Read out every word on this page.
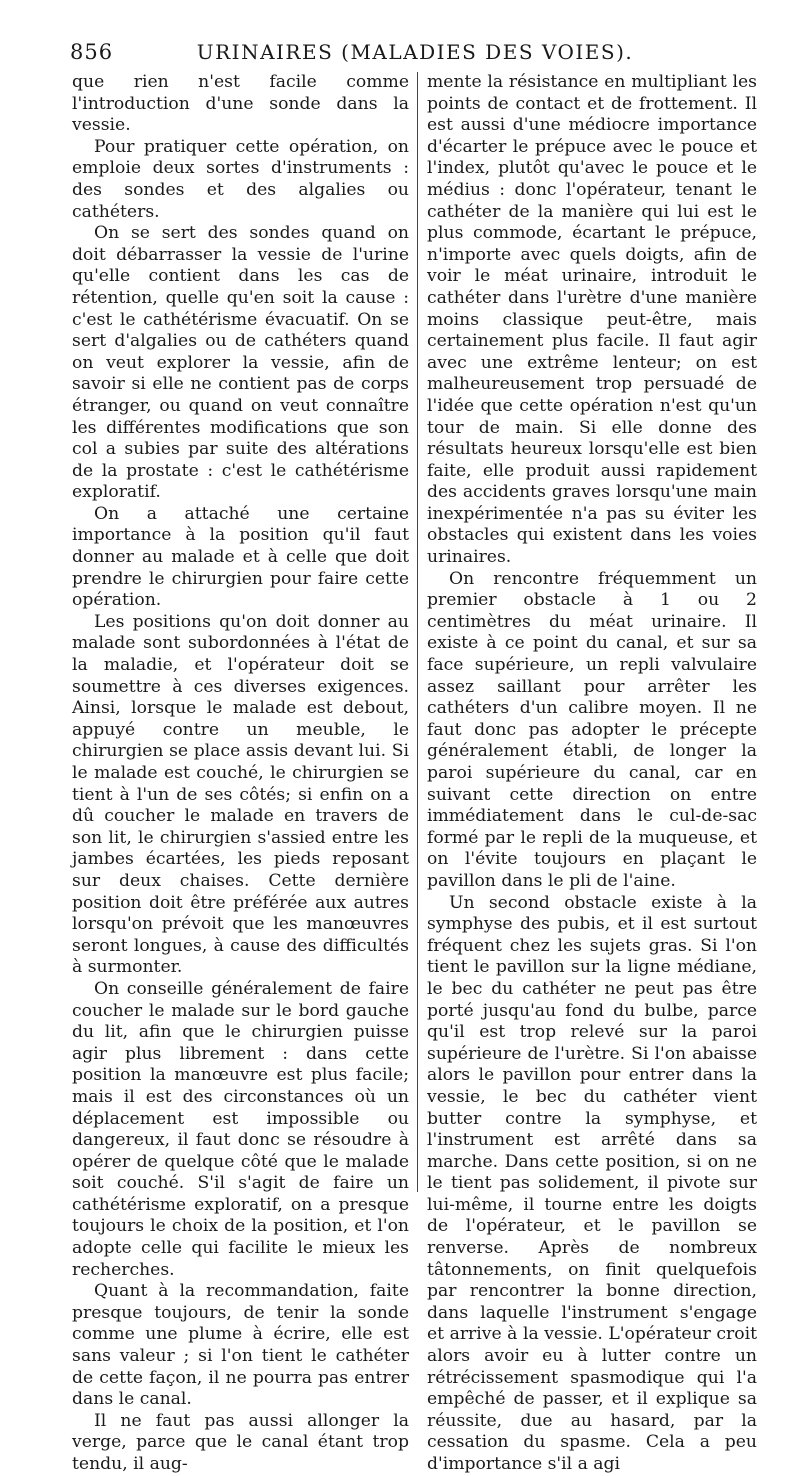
856	URINAIRES (MALADIES DES VOIES).

que rien n'est facile comme l'introduction d'une sonde dans la vessie.

Pour pratiquer cette opération, on emploie deux sortes d'instruments : des sondes et des algalies ou cathéters.

On se sert des sondes quand on doit débarrasser la vessie de l'urine qu'elle contient dans les cas de rétention, quelle qu'en soit la cause : c'est le cathétérisme évacuatif. On se sert d'algalies ou de cathéters quand on veut explorer la vessie, afin de savoir si elle ne contient pas de corps étranger, ou quand on veut connaître les différentes modifications que son col a subies par suite des altérations de la prostate : c'est le cathétérisme exploratif.

On a attaché une certaine importance à la position qu'il faut donner au malade et à celle que doit prendre le chirurgien pour faire cette opération.

Les positions qu'on doit donner au malade sont subordonnées à l'état de la maladie, et l'opérateur doit se soumettre à ces diverses exigences. Ainsi, lorsque le malade est debout, appuyé contre un meuble, le chirurgien se place assis devant lui. Si le malade est couché, le chirurgien se tient à l'un de ses côtés; si enfin on a dû coucher le malade en travers de son lit, le chirurgien s'assied entre les jambes écartées, les pieds reposant sur deux chaises. Cette dernière position doit être préférée aux autres lorsqu'on prévoit que les manœuvres seront longues, à cause des difficultés à surmonter.

On conseille généralement de faire coucher le malade sur le bord gauche du lit, afin que le chirurgien puisse agir plus librement : dans cette position la manœuvre est plus facile; mais il est des circonstances où un déplacement est impossible ou dangereux, il faut donc se résoudre à opérer de quelque côté que le malade soit couché. S'il s'agit de faire un cathétérisme exploratif, on a presque toujours le choix de la position, et l'on adopte celle qui facilite le mieux les recherches.

Quant à la recommandation, faite presque toujours, de tenir la sonde comme une plume à écrire, elle est sans valeur ; si l'on tient le cathéter de cette façon, il ne pourra pas entrer dans le canal.

Il ne faut pas aussi allonger la verge, parce que le canal étant trop tendu, il aug-

mente la résistance en multipliant les points de contact et de frottement. Il est aussi d'une médiocre importance d'écarter le prépuce avec le pouce et l'index, plutôt qu'avec le pouce et le médius : donc l'opérateur, tenant le cathéter de la manière qui lui est le plus commode, écartant le prépuce, n'importe avec quels doigts, afin de voir le méat urinaire, introduit le cathéter dans l'urètre d'une manière moins classique peut-être, mais certainement plus facile. Il faut agir avec une extrême lenteur; on est malheureusement trop persuadé de l'idée que cette opération n'est qu'un tour de main. Si elle donne des résultats heureux lorsqu'elle est bien faite, elle produit aussi rapidement des accidents graves lorsqu'une main inexpérimentée n'a pas su éviter les obstacles qui existent dans les voies urinaires.

On rencontre fréquemment un premier obstacle à 1 ou 2 centimètres du méat urinaire. Il existe à ce point du canal, et sur sa face supérieure, un repli valvulaire assez saillant pour arrêter les cathéters d'un calibre moyen. Il ne faut donc pas adopter le précepte généralement établi, de longer la paroi supérieure du canal, car en suivant cette direction on entre immédiatement dans le cul-de-sac formé par le repli de la muqueuse, et on l'évite toujours en plaçant le pavillon dans le pli de l'aine.

Un second obstacle existe à la symphyse des pubis, et il est surtout fréquent chez les sujets gras. Si l'on tient le pavillon sur la ligne médiane, le bec du cathéter ne peut pas être porté jusqu'au fond du bulbe, parce qu'il est trop relevé sur la paroi supérieure de l'urètre. Si l'on abaisse alors le pavillon pour entrer dans la vessie, le bec du cathéter vient butter contre la symphyse, et l'instrument est arrêté dans sa marche. Dans cette position, si on ne le tient pas solidement, il pivote sur lui-même, il tourne entre les doigts de l'opérateur, et le pavillon se renverse. Après de nombreux tâtonnements, on finit quelquefois par rencontrer la bonne direction, dans laquelle l'instrument s'engage et arrive à la vessie. L'opérateur croit alors avoir eu à lutter contre un rétrécissement spasmodique qui l'a empêché de passer, et il explique sa réussite, due au hasard, par la cessation du spasme. Cela a peu d'importance s'il a agi
